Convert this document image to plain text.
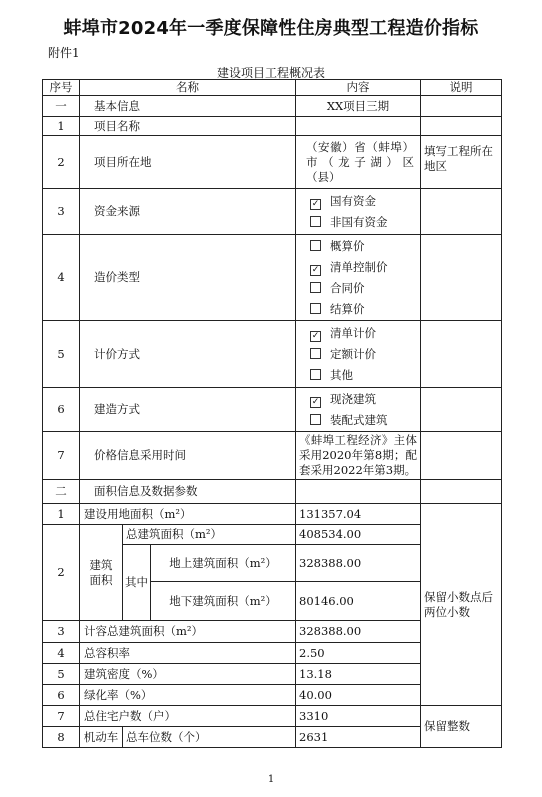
蚌埠市2024年一季度保障性住房典型工程造价指标
附件1
建设项目工程概况表
序号	名称			内容	说明
一	基本信息			XX项目三期	
1	项目名称				
2	项目所在地			（安徽）省（蚌埠）市（龙子湖）区（县）	填写工程所在地区
3	资金来源			✓ 国有资金
非国有资金	

4	造价类型			概算价
✓ 清单控制价
合同价
结算价	

5	计价方式			✓ 清单计价
定额计价
其他	

6	建造方式			✓ 现浇建筑
装配式建筑	

7	价格信息采用时间			《蚌埠工程经济》主体采用2020年第8期；配套采用2022年第3期。	
二	面积信息及数据参数				
1	建设用地面积（m²）			131357.04	保留小数点后两位小数
2	建筑面积	总建筑面积（m²）		408534.00	
		其中	地上建筑面积（m²）	328388.00	
			地下建筑面积（m²）	80146.00	
3	计容总建筑面积（m²）			328388.00	
4	总容积率			2.50	
5	建筑密度（%）			13.18	
6	绿化率（%）			40.00	
7	总住宅户数（户）			3310	保留整数
8	机动车	总车位数（个）		2631	
1
